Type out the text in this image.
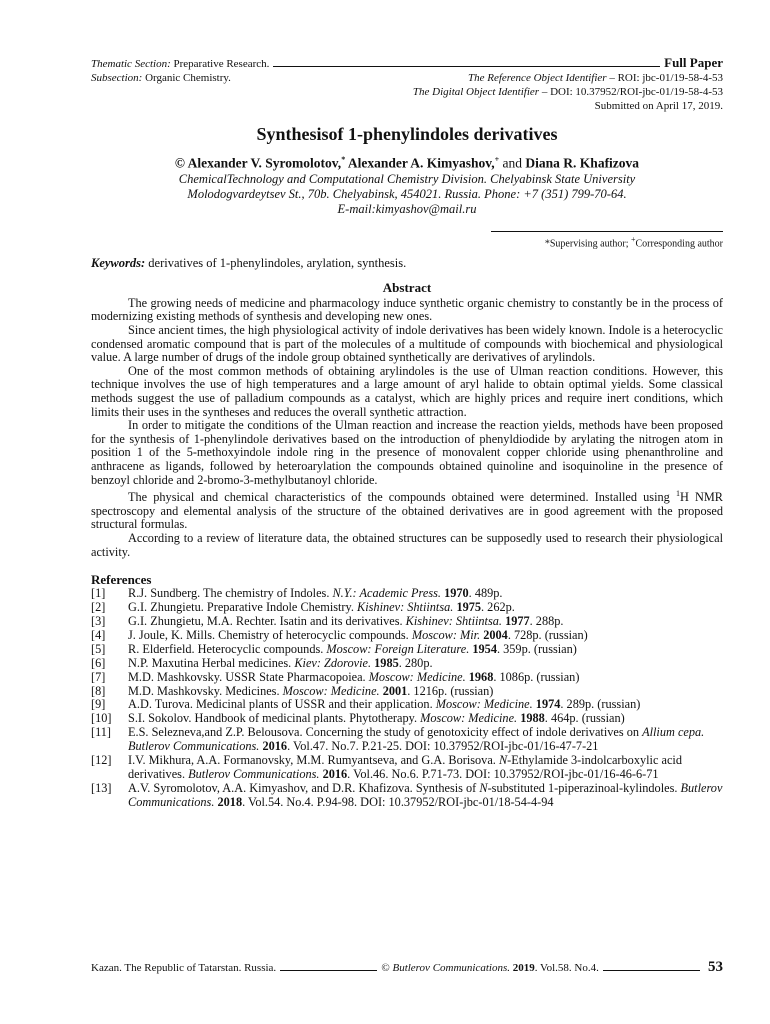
Thematic Section: Preparative Research.	Full Paper
Subsection: Organic Chemistry.	The Reference Object Identifier – ROI: jbc-01/19-58-4-53
The Digital Object Identifier – DOI: 10.37952/ROI-jbc-01/19-58-4-53
Submitted on April 17, 2019.
Synthesisof 1-phenylindoles derivatives
© Alexander V. Syromolotov,* Alexander A. Kimyashov,+ and Diana R. Khafizova
ChemicalTechnology and Computational Chemistry Division. Chelyabinsk State University
Molodogvardeytsev St., 70b. Chelyabinsk, 454021. Russia. Phone: +7 (351) 799-70-64.
E-mail:kimyashov@mail.ru
*Supervising author; +Corresponding author
Keywords: derivatives of 1-phenylindoles, arylation, synthesis.
Abstract

The growing needs of medicine and pharmacology induce synthetic organic chemistry to constantly be in the process of modernizing existing methods of synthesis and developing new ones.

Since ancient times, the high physiological activity of indole derivatives has been widely known. Indole is a heterocyclic condensed aromatic compound that is part of the molecules of a multitude of compounds with biochemical and physiological value. A large number of drugs of the indole group obtained synthetically are derivatives of arylindols.

One of the most common methods of obtaining arylindoles is the use of Ulman reaction conditions. However, this technique involves the use of high temperatures and a large amount of aryl halide to obtain optimal yields. Some classical methods suggest the use of palladium compounds as a catalyst, which are highly prices and require inert conditions, which limits their uses in the syntheses and reduces the overall synthetic attraction.

In order to mitigate the conditions of the Ulman reaction and increase the reaction yields, methods have been proposed for the synthesis of 1-phenylindole derivatives based on the introduction of phenyldiodide by arylating the nitrogen atom in position 1 of the 5-methoxyindole indole ring in the presence of monovalent copper chloride using phenanthroline and anthracene as ligands, followed by heteroarylation the compounds obtained quinoline and isoquinoline in the presence of benzoyl chloride and 2-bromo-3-methylbutanoyl chloride.

The physical and chemical characteristics of the compounds obtained were determined. Installed using $^1$H NMR spectroscopy and elemental analysis of the structure of the obtained derivatives are in good agreement with the proposed structural formulas.

According to a review of literature data, the obtained structures can be supposedly used to research their physiological activity.

References
[1]	R.J. Sundberg. The chemistry of Indoles. N.Y.: Academic Press. 1970. 489p.
[2]	G.I. Zhungietu. Preparative Indole Chemistry. Kishinev: Shtiintsa. 1975. 262p.
[3]	G.I. Zhungietu, M.A. Rechter. Isatin and its derivatives. Kishinev: Shtiintsa. 1977. 288p.
[4]	J. Joule, K. Mills. Chemistry of heterocyclic compounds. Moscow: Mir. 2004. 728p. (russian)
[5]	R. Elderfield. Heterocyclic compounds. Moscow: Foreign Literature. 1954. 359p. (russian)
[6]	N.P. Maxutina Herbal medicines. Kiev: Zdorovie. 1985. 280p.
[7]	M.D. Mashkovsky. USSR State Pharmacopoiea. Moscow: Medicine. 1968. 1086p. (russian)
[8]	M.D. Mashkovsky. Medicines. Moscow: Medicine. 2001. 1216p. (russian)
[9]	A.D. Turova. Medicinal plants of USSR and their application. Moscow: Medicine. 1974. 289p. (russian)
[10]	S.I. Sokolov. Handbook of medicinal plants. Phytotherapy. Moscow: Medicine. 1988. 464p. (russian)
[11]	E.S. Selezneva,and Z.P. Belousova. Concerning the study of genotoxicity effect of indole derivatives on Allium cepa. Butlerov Communications. 2016. Vol.47. No.7. P.21-25. DOI: 10.37952/ROI-jbc-01/16-47-7-21
[12]	I.V. Mikhura, A.A. Formanovsky, M.M. Rumyantseva, and G.A. Borisova. N-Ethylamide 3-indolcarboxylic acid derivatives. Butlerov Communications. 2016. Vol.46. No.6. P.71-73. DOI: 10.37952/ROI-jbc-01/16-46-6-71
[13]	A.V. Syromolotov, A.A. Kimyashov, and D.R. Khafizova. Synthesis of N-substituted 1-piperazinoal-kylindoles. Butlerov Communications. 2018. Vol.54. No.4. P.94-98. DOI: 10.37952/ROI-jbc-01/18-54-4-94
Kazan. The Republic of Tatarstan. Russia.	© Butlerov Communications. 2019. Vol.58. No.4.	53
